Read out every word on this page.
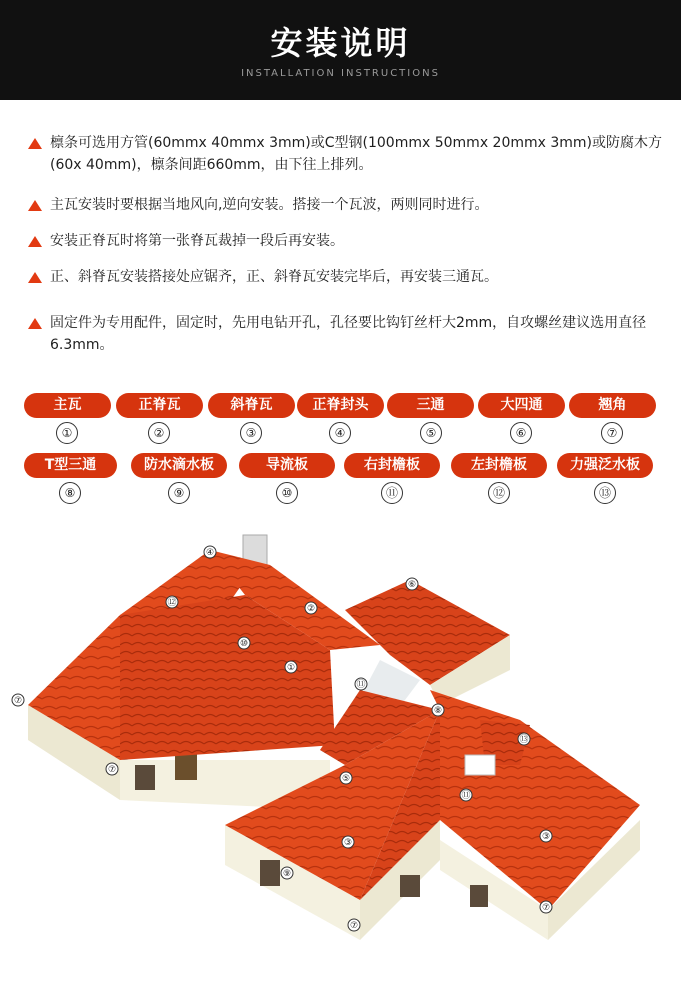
安装说明
INSTALLATION INSTRUCTIONS
檩条可选用方管(60mmx 40mmx 3mm)或C型钢(100mmx 50mmx 20mmx 3mm)或防腐木方(60x 40mm)，檩条间距660mm，由下往上排列。
主瓦安装时要根据当地风向,逆向安装。搭接一个瓦波，两则同时进行。
安装正脊瓦时将第一张脊瓦裁掉一段后再安装。
正、斜脊瓦安装搭接处应锯齐，正、斜脊瓦安装完毕后，再安装三通瓦。
固定件为专用配件，固定时，先用电钻开孔，孔径要比钩钉丝杆大2mm，自攻螺丝建议选用直径6.3mm。
主瓦
①
正脊瓦
②
斜脊瓦
③
正脊封头
④
三通
⑤
大四通
⑥
翘角
⑦
T型三通
⑧
防水滴水板
⑨
导流板
⑩
右封檐板
⑪
左封檐板
⑫
力强泛水板
⑬
④
⑫
②
⑥
⑩
①
⑪
⑦
⑧
⑬
⑦
⑤
⑪
③
③
⑨
⑦
⑦
